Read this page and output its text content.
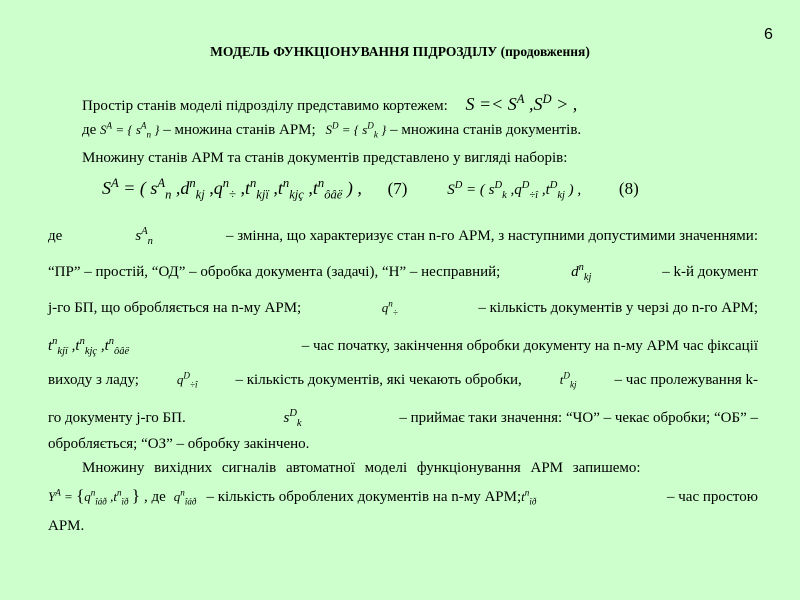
6
МОДЕЛЬ ФУНКЦІОНУВАННЯ ПІДРОЗДІЛУ (продовження)
Простір станів моделі підрозділу представимо кортежем: $S =< S^A$ $,S^D$ > ,
де $S^A$ = { $s^A_n$ } – множина станів АРМ; $S^D$ = { $s^D_k$ } – множина станів документів.
Множину станів АРМ та станів документів представлено у вигляді наборів:
$S^A$ = ( $s^A_n$ $,d^n_{kj}$ $,q^n_\div$ $,t^n_{kjï}$ $,t^n_{kjç}$ $,t^n_{ôâë}$ ) , (7)	$S^D$ = ( $s^D_k$ $,q^D_{\div î}$ $,t^D_{kj}$ ) , (8)
де	$s^A_n$	– змінна, що характеризує стан n-го АРМ, з наступними допустимими значеннями:
“ПР” – простій, “ОД” – обробка документа (задачі), “Н” – несправний;	$d^n_{kj}$	– k-й документ
j-го БП, що обробляється на n-му АРМ;	$q^n_\div$	– кількість документів у черзі до n-го АРМ;
$t^n_{kjï}$ $,t^n_{kjç}$ $,t^n_{ôâë}$	– час початку, закінчення обробки документу на n-му АРМ час фіксації
виходу з ладу;	$q^D_{\div î}$	– кількість документів, які чекають обробки,	$t^D_{kj}$	– час пролежування k-
го документу j-го БП.	$s^D_k$	– приймає таки значення: “ЧО” – чекає обробки; “ОБ” –
обробляється; “ОЗ” – обробку закінчено.
Множину вихідних сигналів автоматної моделі функціонування АРМ запишемо:
$Y^A = \{q^n_{îáð}$ $,t^n_{ïð}$ } , де $q^n_{îáð}$ – кількість оброблених документів на n-му АРМ; $t^n_{ïð}$	– час простою
АРМ.
